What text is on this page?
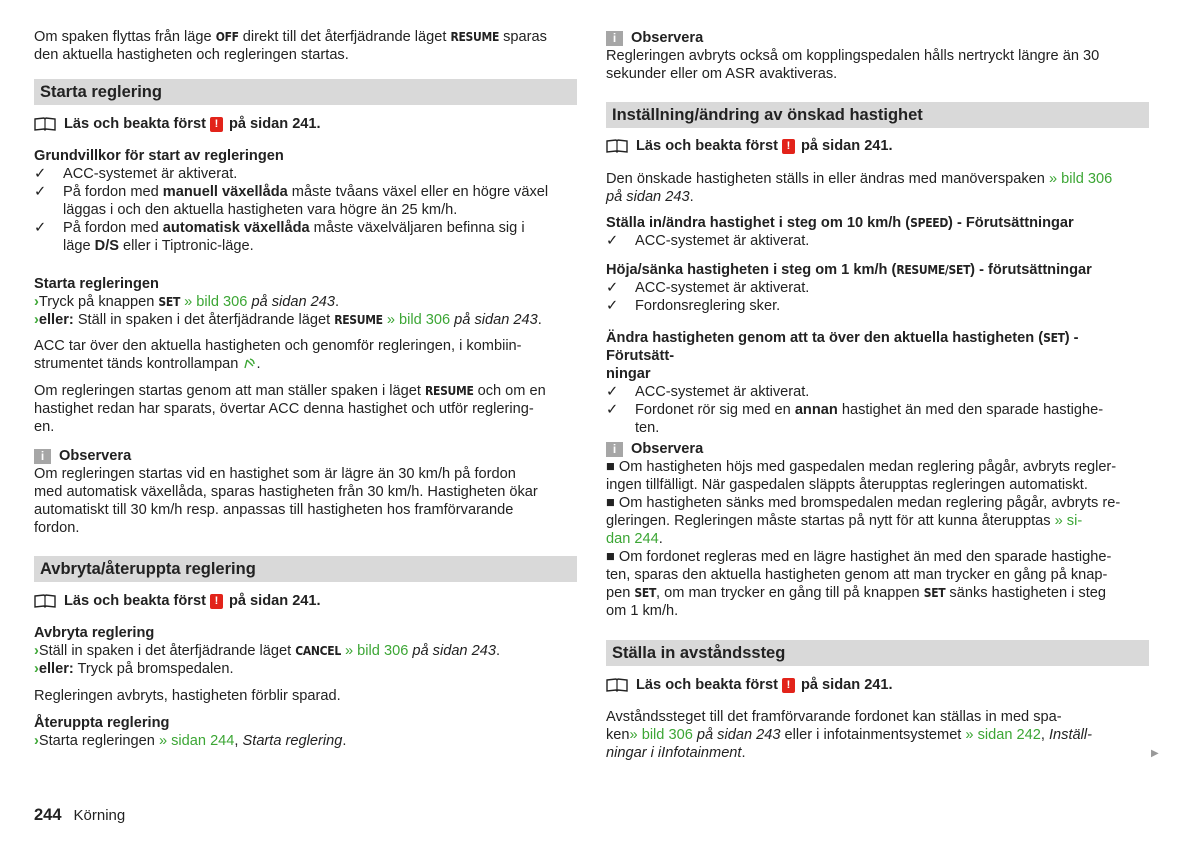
Om spaken flyttas från läge OFF direkt till det återfjädrande läget RESUME sparas

den aktuella hastigheten och regleringen startas.

Starta reglering
Läs och beakta först ! på sidan 241.

Grundvillkor för start av regleringen

✓	ACC-systemet är aktiverat.
✓	På fordon med manuell växellåda måste tvåans växel eller en högre växel
läggas i och den aktuella hastigheten vara högre än 25 km/h.
✓	På fordon med automatisk växellåda måste växelväljaren befinna sig i
läge D/S eller i Tiptronic-läge.

Starta regleringen

›Tryck på knappen SET » bild 306 på sidan 243.

›eller: Ställ in spaken i det återfjädrande läget RESUME » bild 306 på sidan 243.

ACC tar över den aktuella hastigheten och genomför regleringen, i kombiin-

strumentet tänds kontrollampan .

Om regleringen startas genom att man ställer spaken i läget RESUME och om en

hastighet redan har sparats, övertar ACC denna hastighet och utför reglering-

en.

i	Observera

Om regleringen startas vid en hastighet som är lägre än 30 km/h på fordon

med automatisk växellåda, sparas hastigheten från 30 km/h. Hastigheten ökar

automatiskt till 30 km/h resp. anpassas till hastigheten hos framförvarande

fordon.

Avbryta/återuppta reglering
Läs och beakta först ! på sidan 241.

Avbryta reglering

›Ställ in spaken i det återfjädrande läget CANCEL » bild 306 på sidan 243.

›eller: Tryck på bromspedalen.

Regleringen avbryts, hastigheten förblir sparad.

Återuppta reglering

›Starta regleringen » sidan 244, Starta reglering.

i	Observera

Regleringen avbryts också om kopplingspedalen hålls nertryckt längre än 30

sekunder eller om ASR avaktiveras.

Inställning/ändring av önskad hastighet
Läs och beakta först ! på sidan 241.

Den önskade hastigheten ställs in eller ändras med manöverspaken » bild 306

på sidan 243.

Ställa in/ändra hastighet i steg om 10 km/h (SPEED) - Förutsättningar

✓	ACC-systemet är aktiverat.

Höja/sänka hastigheten i steg om 1 km/h (RESUME/SET) - förutsättningar

✓	ACC-systemet är aktiverat.
✓	Fordonsreglering sker.

Ändra hastigheten genom att ta över den aktuella hastigheten (SET) - Förutsätt-

ningar

✓	ACC-systemet är aktiverat.
✓	Fordonet rör sig med en annan hastighet än med den sparade hastighe-
ten.
i	Observera

■ Om hastigheten höjs med gaspedalen medan reglering pågår, avbryts regler-

ingen tillfälligt. När gaspedalen släppts återupptas regleringen automatiskt.

■ Om hastigheten sänks med bromspedalen medan reglering pågår, avbryts re-

gleringen. Regleringen måste startas på nytt för att kunna återupptas » si-

dan 244.

■ Om fordonet regleras med en lägre hastighet än med den sparade hastighe-

ten, sparas den aktuella hastigheten genom att man trycker en gång på knap-

pen SET, om man trycker en gång till på knappen SET sänks hastigheten i steg

om 1 km/h.

Ställa in avståndssteg
Läs och beakta först ! på sidan 241.

Avståndssteget till det framförvarande fordonet kan ställas in med spa-

ken» bild 306 på sidan 243 eller i infotainmentsystemet » sidan 242, Inställ-

ningar i iInfotainment.	▶
244 Körning
